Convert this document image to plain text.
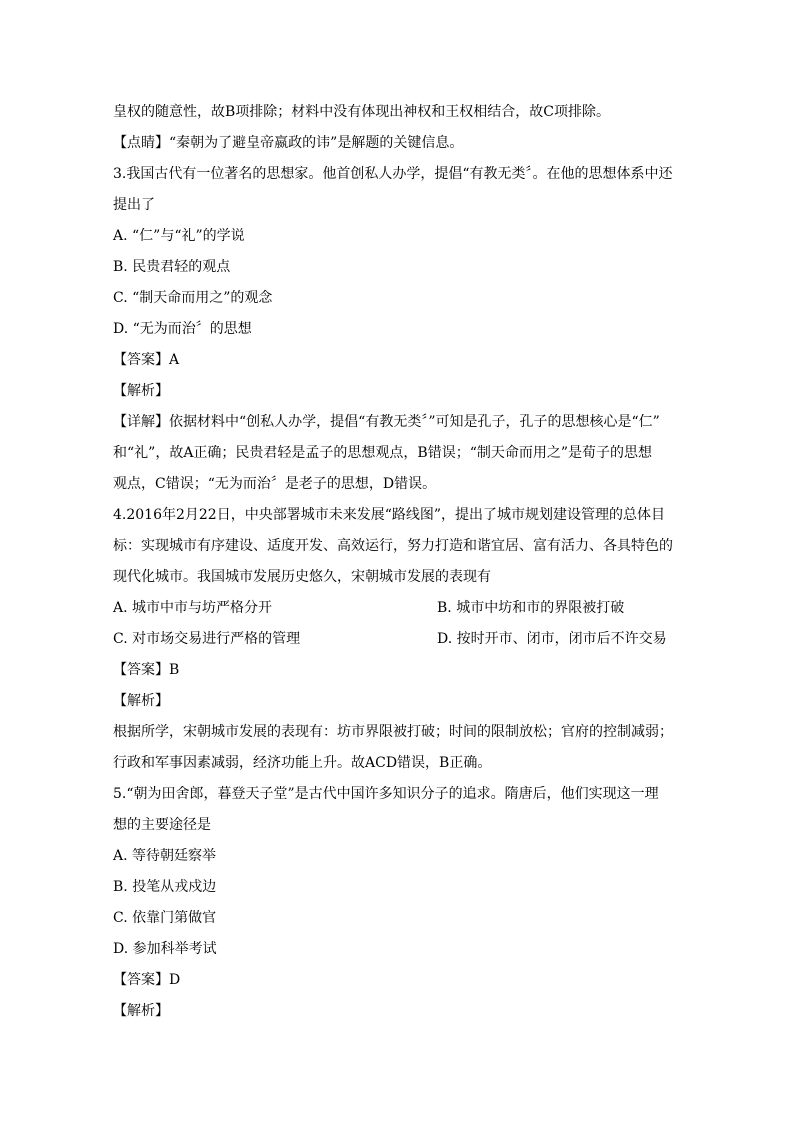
皇权的随意性，故B项排除；材料中没有体现出神权和王权相结合，故C项排除。
【点睛】“秦朝为了避皇帝嬴政的讳”是解题的关键信息。
3.我国古代有一位著名的思想家。他首创私人办学，提倡“有教无类〞。在他的思想体系中还
提出了
A. “仁”与“礼”的学说
B. 民贵君轻的观点
C. “制天命而用之”的观念
D. “无为而治〞的思想
【答案】A
【解析】
【详解】依据材料中“创私人办学，提倡“有教无类〞”可知是孔子，孔子的思想核心是“仁”
和“礼”，故A正确；民贵君轻是孟子的思想观点，B错误；“制天命而用之”是荀子的思想
观点，C错误；“无为而治〞是老子的思想，D错误。
4.2016年2月22日，中央部署城市未来发展“路线图”，提出了城市规划建设管理的总体目
标：实现城市有序建设、适度开发、高效运行，努力打造和谐宜居、富有活力、各具特色的
现代化城市。我国城市发展历史悠久，宋朝城市发展的表现有
【答案】B
【解析】
根据所学，宋朝城市发展的表现有：坊市界限被打破；时间的限制放松；官府的控制减弱；
行政和军事因素减弱，经济功能上升。故ACD错误，B正确。
5.“朝为田舍郎，暮登天子堂”是古代中国许多知识分子的追求。隋唐后，他们实现这一理
想的主要途径是
A. 等待朝廷察举
B. 投笔从戎戍边
C. 依靠门第做官
D. 参加科举考试
【答案】D
【解析】
A. 城市中市与坊严格分开	B. 城市中坊和市的界限被打破
C. 对市场交易进行严格的管理	D. 按时开市、闭市，闭市后不许交易
